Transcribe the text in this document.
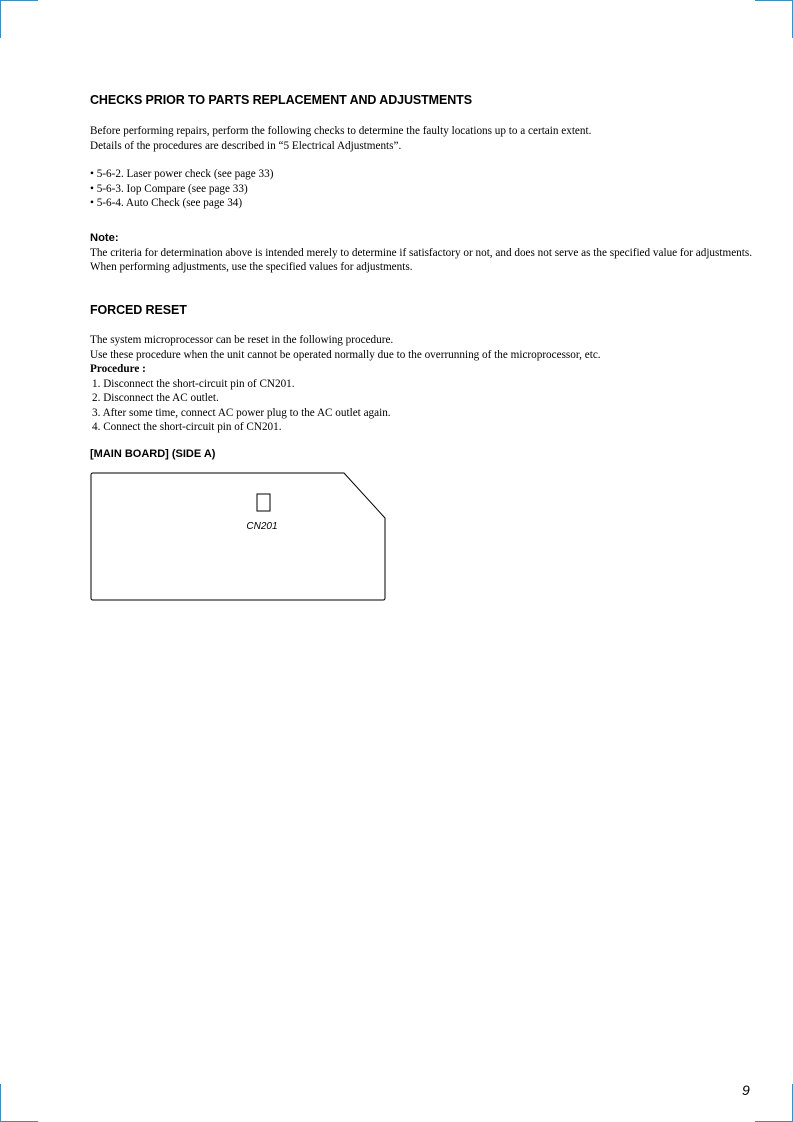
CHECKS PRIOR TO PARTS REPLACEMENT AND ADJUSTMENTS
Before performing repairs, perform the following checks to determine the faulty locations up to a certain extent.
Details of the procedures are described in “5 Electrical Adjustments”.
• 5-6-2. Laser power check (see page 33)
• 5-6-3. Iop Compare (see page 33)
• 5-6-4. Auto Check (see page 34)
Note:
The criteria for determination above is intended merely to determine if satisfactory or not, and does not serve as the specified value for adjustments.
When performing adjustments, use the specified values for adjustments.
FORCED RESET
The system microprocessor can be reset in the following procedure.
Use these procedure when the unit cannot be operated normally due to the overrunning of the microprocessor, etc.
Procedure :
1. Disconnect the short-circuit pin of CN201.
2. Disconnect the AC outlet.
3. After some time, connect AC power plug to the AC outlet again.
4. Connect the short-circuit pin of CN201.
[MAIN BOARD] (SIDE A)
CN201
9
